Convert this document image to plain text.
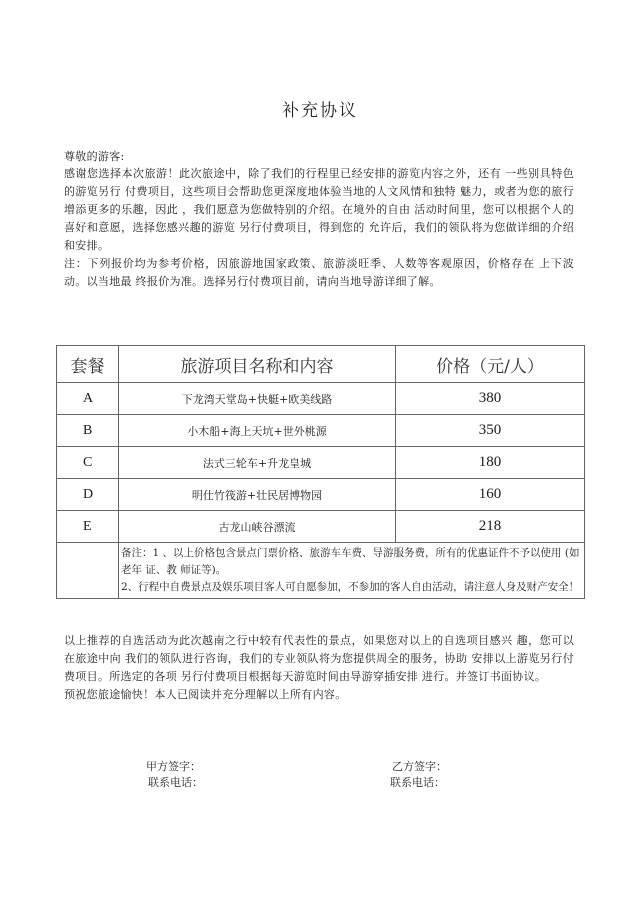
补充协议
尊敬的游客:
感谢您选择本次旅游！此次旅途中，除了我们的行程里已经安排的游览内容之外，还有 一些别具特色的游览另行 付费项目，这些项目会帮助您更深度地体验当地的人文风情和独特 魅力，或者为您的旅行增添更多的乐趣，因此 ，我们愿意为您做特别的介绍。在境外的自由 活动时间里，您可以根据个人的喜好和意愿，选择您感兴趣的游览 另行付费项目，得到您的 允许后，我们的领队将为您做详细的介绍和安排。
注：下列报价均为参考价格，因旅游地国家政策、旅游淡旺季、人数等客观原因，价格存在 上下波动。以当地最 终报价为准。选择另行付费项目前，请向当地导游详细了解。
套餐	旅游项目名称和内容	价格（元/人）
A	下龙湾天堂岛+快艇+欧美线路	380
B	小木船+海上天坑+世外桃源	350
C	法式三轮车+升龙皇城	180
D	明仕竹筏游+壮民居博物园	160
E	古龙山峡谷漂流	218

	备注：1 、以上价格包含景点门票价格、旅游车车费、导游服务费，所有的优惠证件不予以使用 (如老年 证、教 师证等)。

2、行程中自费景点及娱乐项目客人可自愿参加，不参加的客人自由活动，请注意人身及财产安全！	

以上推荐的自选活动为此次越南之行中较有代表性的景点，如果您对以上的自选项目感兴 趣，您可以在旅途中向 我们的领队进行咨询，我们的专业领队将为您提供周全的服务，协助 安排以上游览另行付费项目。所选定的各项 另行付费项目根据每天游览时间由导游穿插安排 进行。并签订书面协议。
预祝您旅途愉快！本人已阅读并充分理解以上所有内容。
甲方签字：
联系电话：
乙方签字：
联系电话：
